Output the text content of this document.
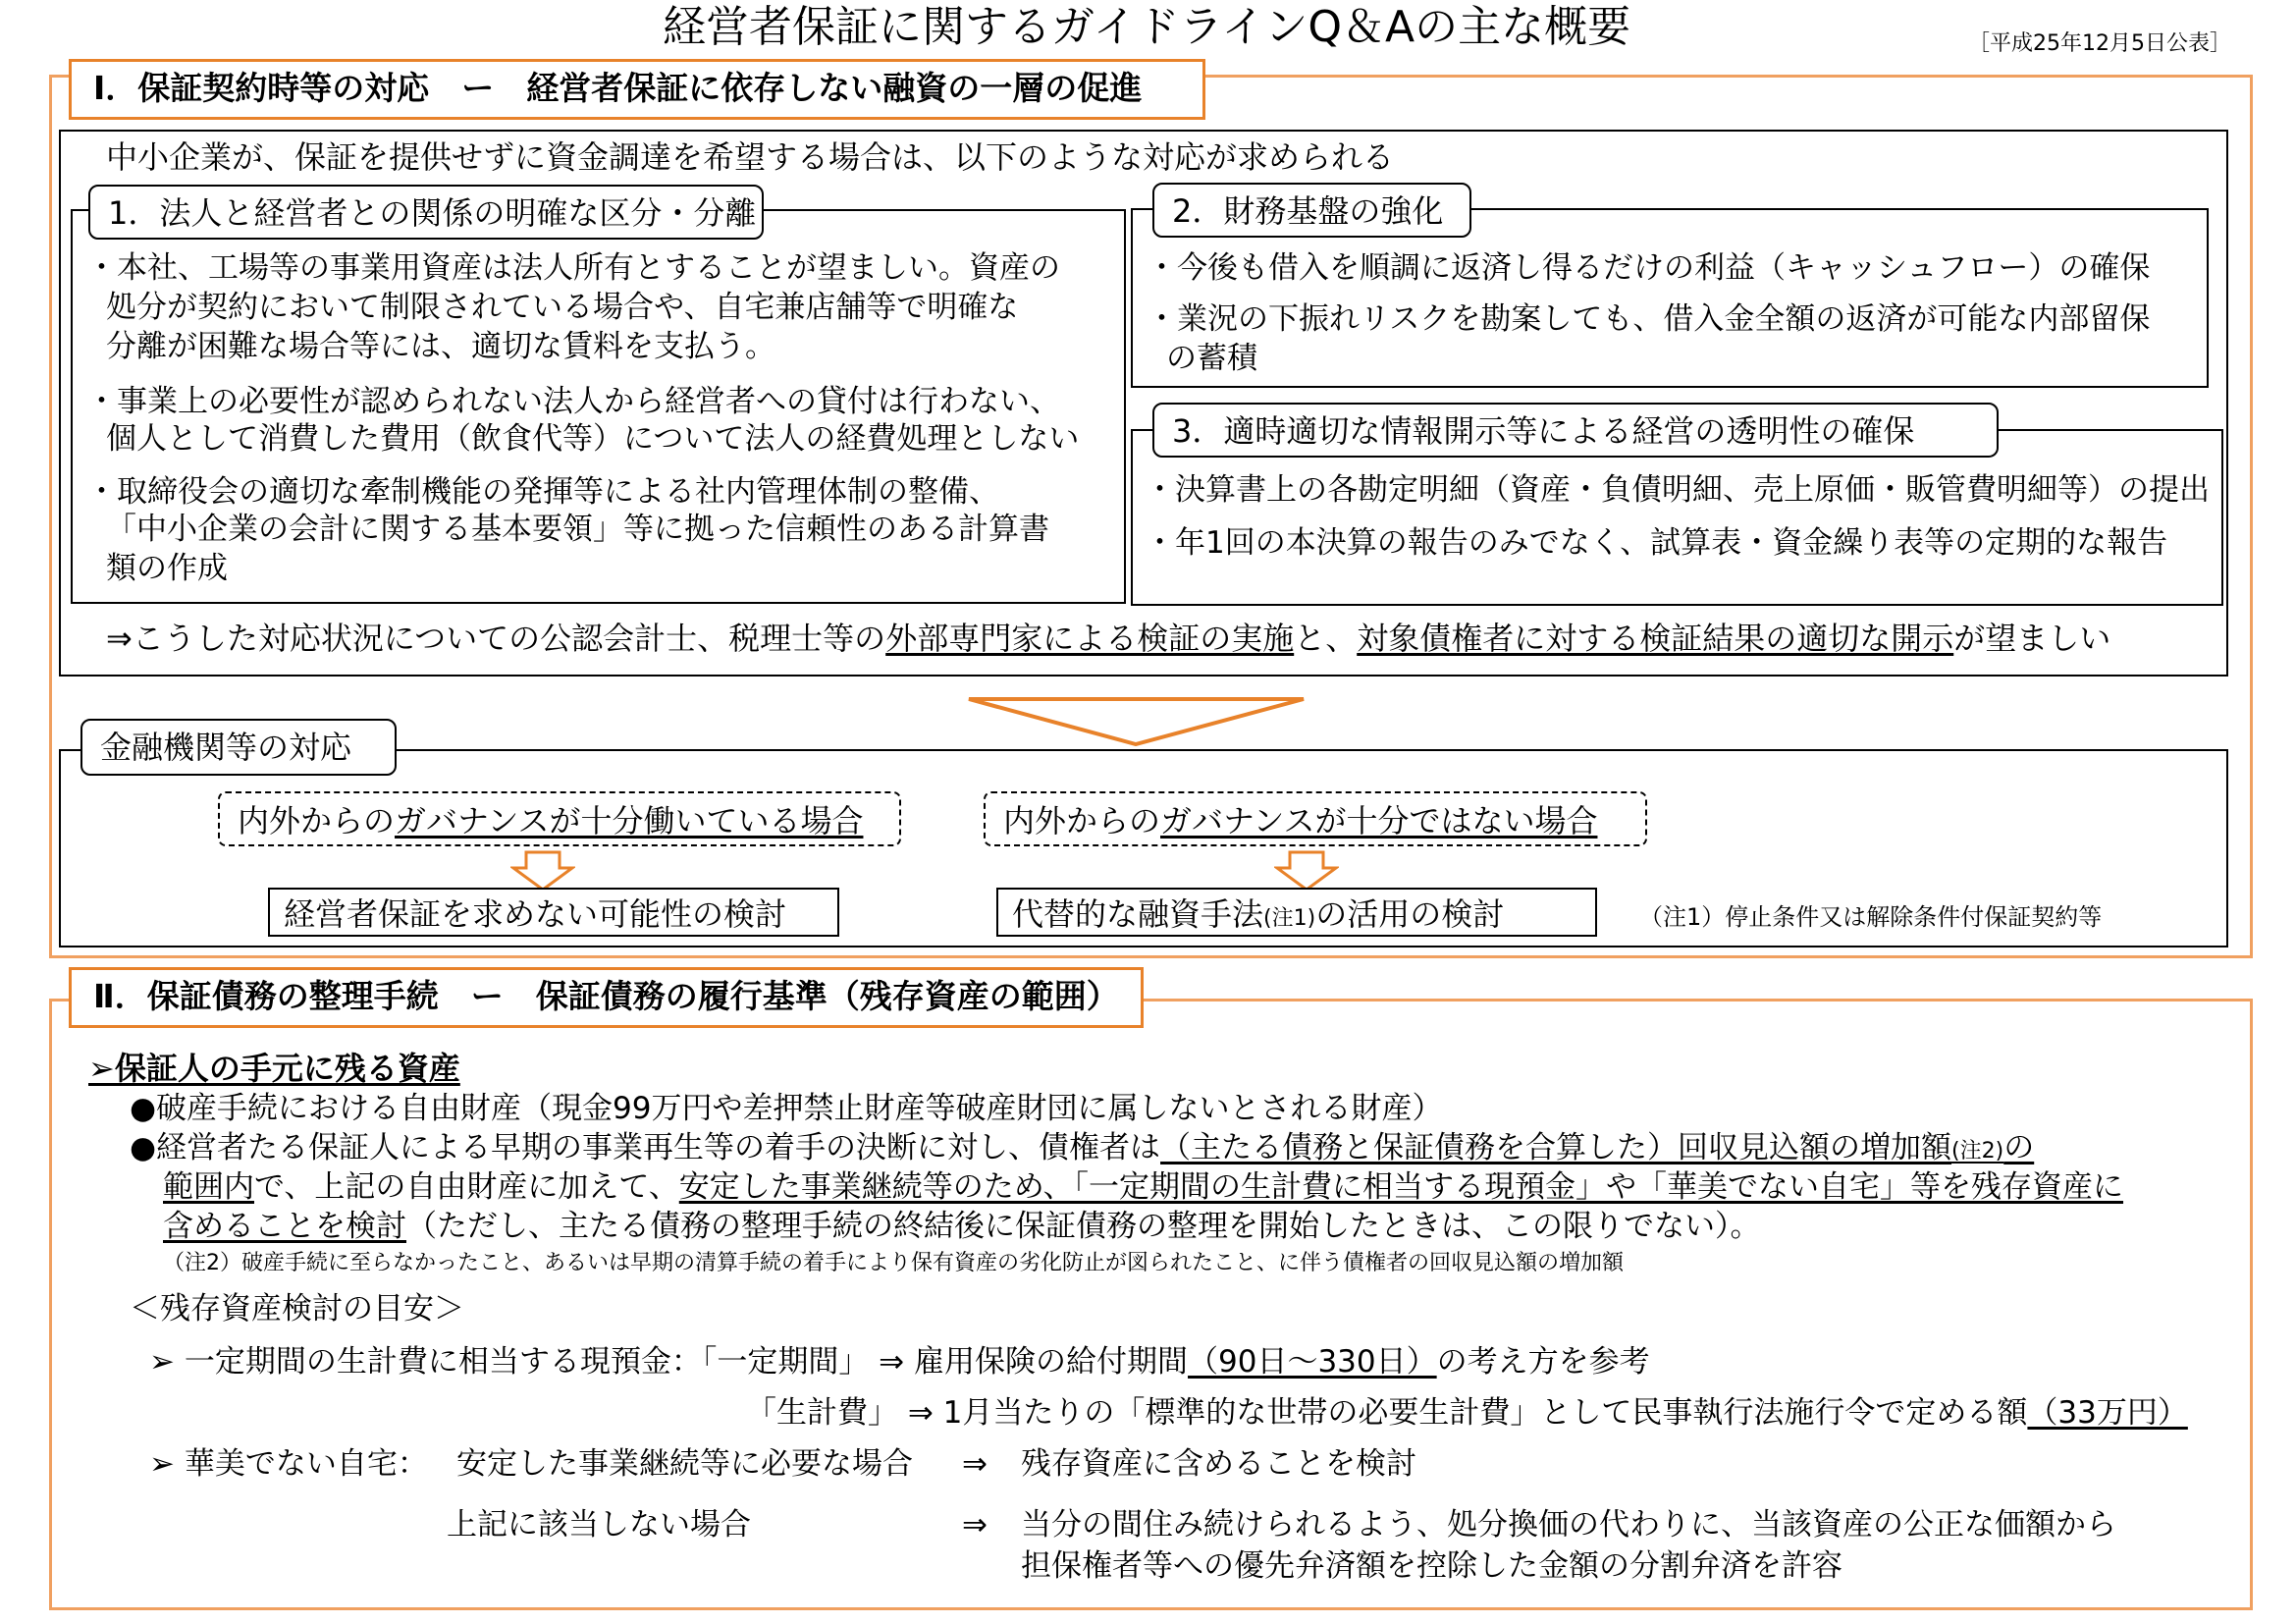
経営者保証に関するガイドラインQ＆Aの主な概要	［平成25年12月5日公表］
Ⅰ．保証契約時等の対応　ー　経営者保証に依存しない融資の一層の促進
中小企業が、保証を提供せずに資金調達を希望する場合は、以下のような対応が求められる
1．法人と経営者との関係の明確な区分・分離
・本社、工場等の事業用資産は法人所有とすることが望ましい。資産の
処分が契約において制限されている場合や、自宅兼店舗等で明確な
分離が困難な場合等には、適切な賃料を支払う。
・事業上の必要性が認められない法人から経営者への貸付は行わない、
個人として消費した費用（飲食代等）について法人の経費処理としない
・取締役会の適切な牽制機能の発揮等による社内管理体制の整備、
「中小企業の会計に関する基本要領」等に拠った信頼性のある計算書
類の作成
2．財務基盤の強化
・今後も借入を順調に返済し得るだけの利益（キャッシュフロー）の確保
・業況の下振れリスクを勘案しても、借入金全額の返済が可能な内部留保
の蓄積
3．適時適切な情報開示等による経営の透明性の確保
・決算書上の各勘定明細（資産・負債明細、売上原価・販管費明細等）の提出
・年1回の本決算の報告のみでなく、試算表・資金繰り表等の定期的な報告
⇒こうした対応状況についての公認会計士、税理士等の外部専門家による検証の実施と、対象債権者に対する検証結果の適切な開示が望ましい
金融機関等の対応
内外からのガバナンスが十分働いている場合	内外からのガバナンスが十分ではない場合
経営者保証を求めない可能性の検討	代替的な融資手法(注1)の活用の検討	（注1）停止条件又は解除条件付保証契約等
Ⅱ．保証債務の整理手続　ー　保証債務の履行基準（残存資産の範囲）
➢保証人の手元に残る資産
●破産手続における自由財産（現金99万円や差押禁止財産等破産財団に属しないとされる財産）
●経営者たる保証人による早期の事業再生等の着手の決断に対し、債権者は（主たる債務と保証債務を合算した）回収見込額の増加額(注2)の
範囲内で、上記の自由財産に加えて、安定した事業継続等のため、「一定期間の生計費に相当する現預金」や「華美でない自宅」等を残存資産に
含めることを検討（ただし、主たる債務の整理手続の終結後に保証債務の整理を開始したときは、この限りでない）。
（注2）破産手続に至らなかったこと、あるいは早期の清算手続の着手により保有資産の劣化防止が図られたこと、に伴う債権者の回収見込額の増加額
＜残存資産検討の目安＞
➢ 一定期間の生計費に相当する現預金：「一定期間」 ⇒ 雇用保険の給付期間（90日～330日）の考え方を参考
「生計費」 ⇒ 1月当たりの「標準的な世帯の必要生計費」として民事執行法施行令で定める額（33万円）
➢ 華美でない自宅： 安定した事業継続等に必要な場合 ⇒ 残存資産に含めることを検討
上記に該当しない場合	⇒ 当分の間住み続けられるよう、処分換価の代わりに、当該資産の公正な価額から
担保権者等への優先弁済額を控除した金額の分割弁済を許容
